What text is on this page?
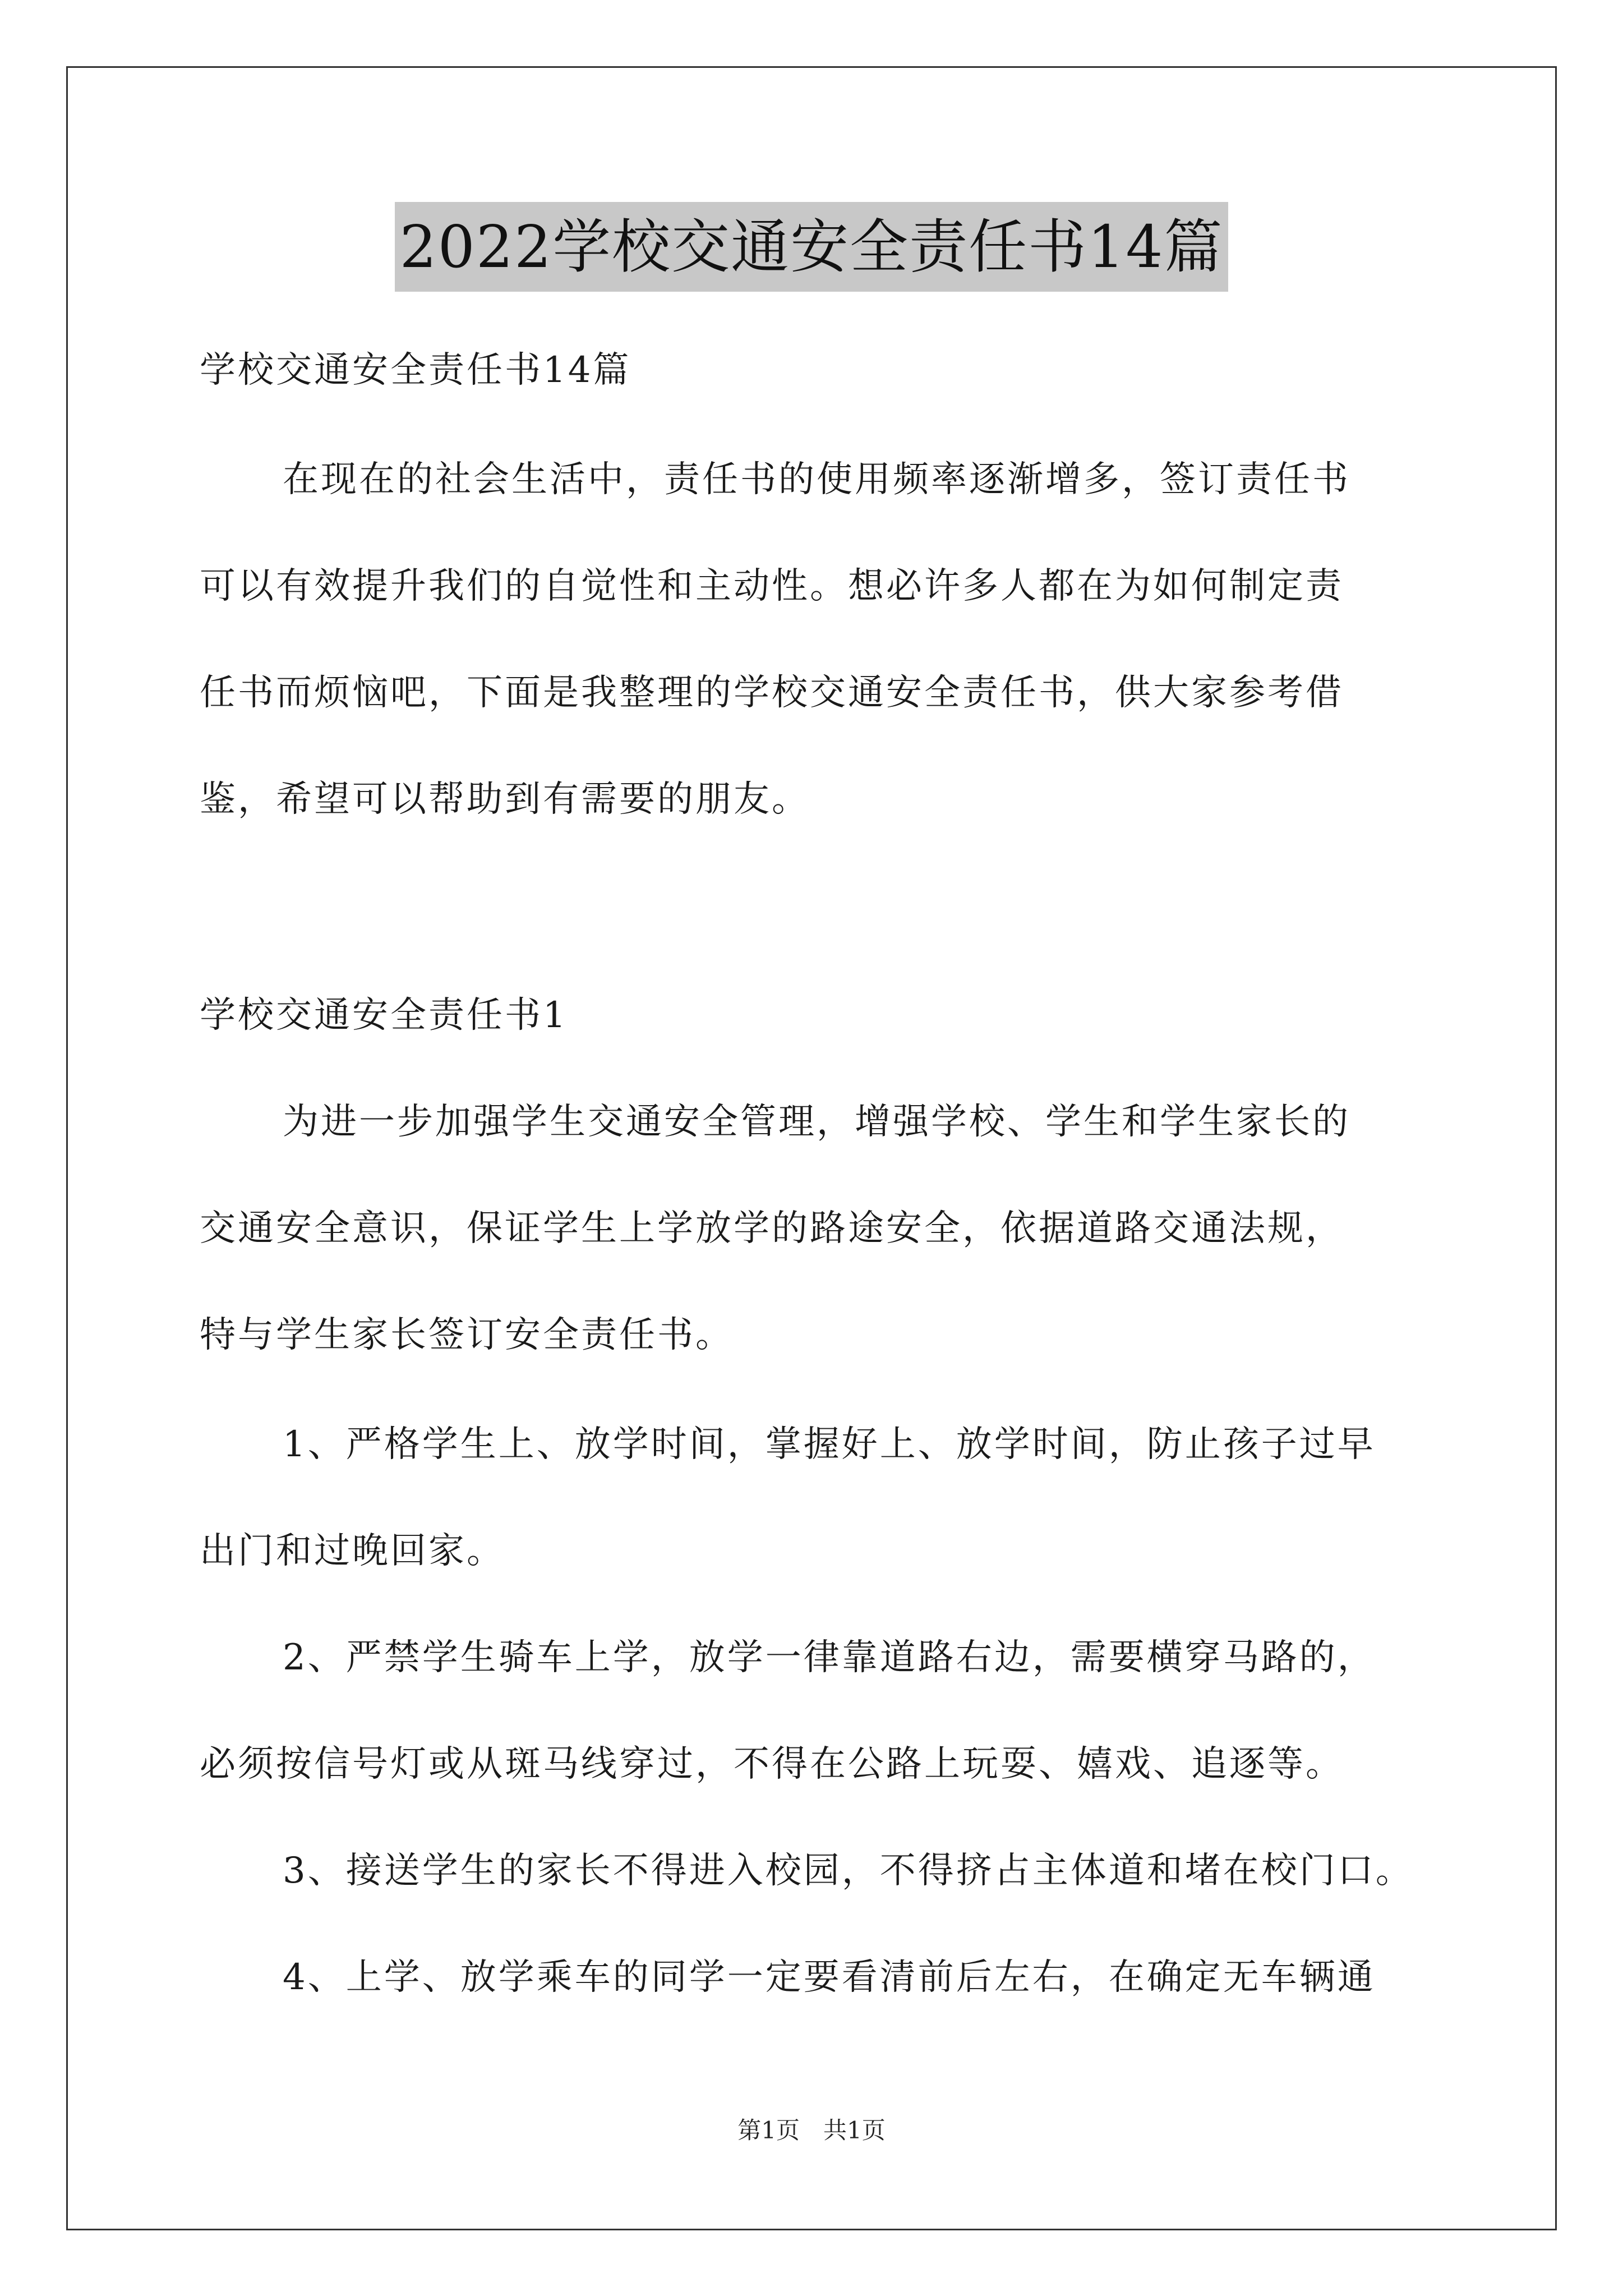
2022学校交通安全责任书14篇
学校交通安全责任书14篇
在现在的社会生活中，责任书的使用频率逐渐增多，签订责任书
可以有效提升我们的自觉性和主动性。想必许多人都在为如何制定责
任书而烦恼吧，下面是我整理的学校交通安全责任书，供大家参考借
鉴，希望可以帮助到有需要的朋友。
学校交通安全责任书1
为进一步加强学生交通安全管理，增强学校、学生和学生家长的
交通安全意识，保证学生上学放学的路途安全，依据道路交通法规，
特与学生家长签订安全责任书。
1、严格学生上、放学时间，掌握好上、放学时间，防止孩子过早
出门和过晚回家。
2、严禁学生骑车上学，放学一律靠道路右边，需要横穿马路的，
必须按信号灯或从斑马线穿过，不得在公路上玩耍、嬉戏、追逐等。
3、接送学生的家长不得进入校园，不得挤占主体道和堵在校门口。
4、上学、放学乘车的同学一定要看清前后左右，在确定无车辆通
第1页　共1页
